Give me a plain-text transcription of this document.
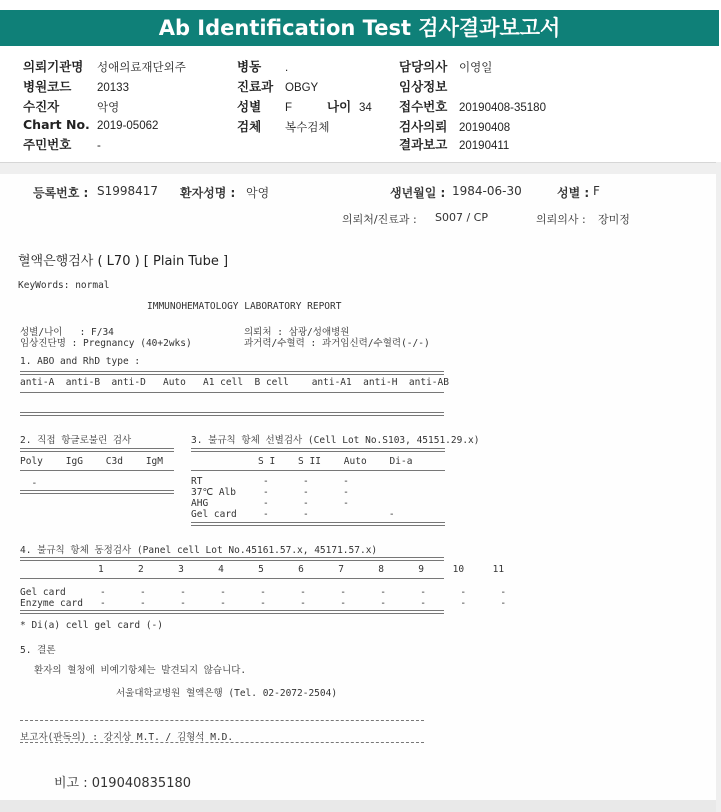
Ab Identification Test 검사결과보고서
의뢰기관명 성애의료재단외주
병원코드 20133
수진자	악영
Chart No. 2019-05062
주민번호 -
병동 .
진료과 OBGY
성별 F	나이 34
검체 복수검체
담당의사 이영일
임상정보
접수번호 20190408-35180
검사의뢰 20190408
결과보고 20190411
등록번호 : S1998417 환자성명 : 악영	생년월일 : 1984-06-30	성별 : F
의뢰처/진료과 : S007 / CP	의뢰의사 : 장미정
혈액은행검사 ( L70 ) [ Plain Tube ]
KeyWords: normal
IMMUNOHEMATOLOGY LABORATORY REPORT
성별/나이   : F/34
임상진단명 : Pregnancy (40+2wks)
의뢰처 : 삼광/성애병원
과거력/수혈력 : 과거임신력/수혈력(-/-)
1. ABO and RhD type :
anti-A  anti-B  anti-D   Auto   A1 cell  B cell    anti-A1  anti-H  anti-AB
2. 직접 항글로불린 검사
Poly    IgG    C3d    IgM
-
3. 불규칙 항체 선별검사 (Cell Lot No.S103, 45151.29.x)
S I    S II    Auto    Di-a
RT	-      -      -
37℃ Alb	-      -      -
AHG	-      -      -
Gel card	-      -              -
4. 불규칙 항체 동정검사 (Panel cell Lot No.45161.57.x, 45171.57.x)
1      2      3      4      5      6      7      8      9     10     11
Gel card	-      -      -      -      -      -      -      -      -      -      -
Enzyme card -      -      -      -      -      -      -      -      -      -      -
* Di(a) cell gel card (-)
5. 결론
환자의 혈청에 비예기항체는 발견되지 않습니다.
서울대학교병원 혈액은행 (Tel. 02-2072-2504)
보고자(판독의) : 강지상 M.T. / 김형석 M.D.
비고 : 019040835180
